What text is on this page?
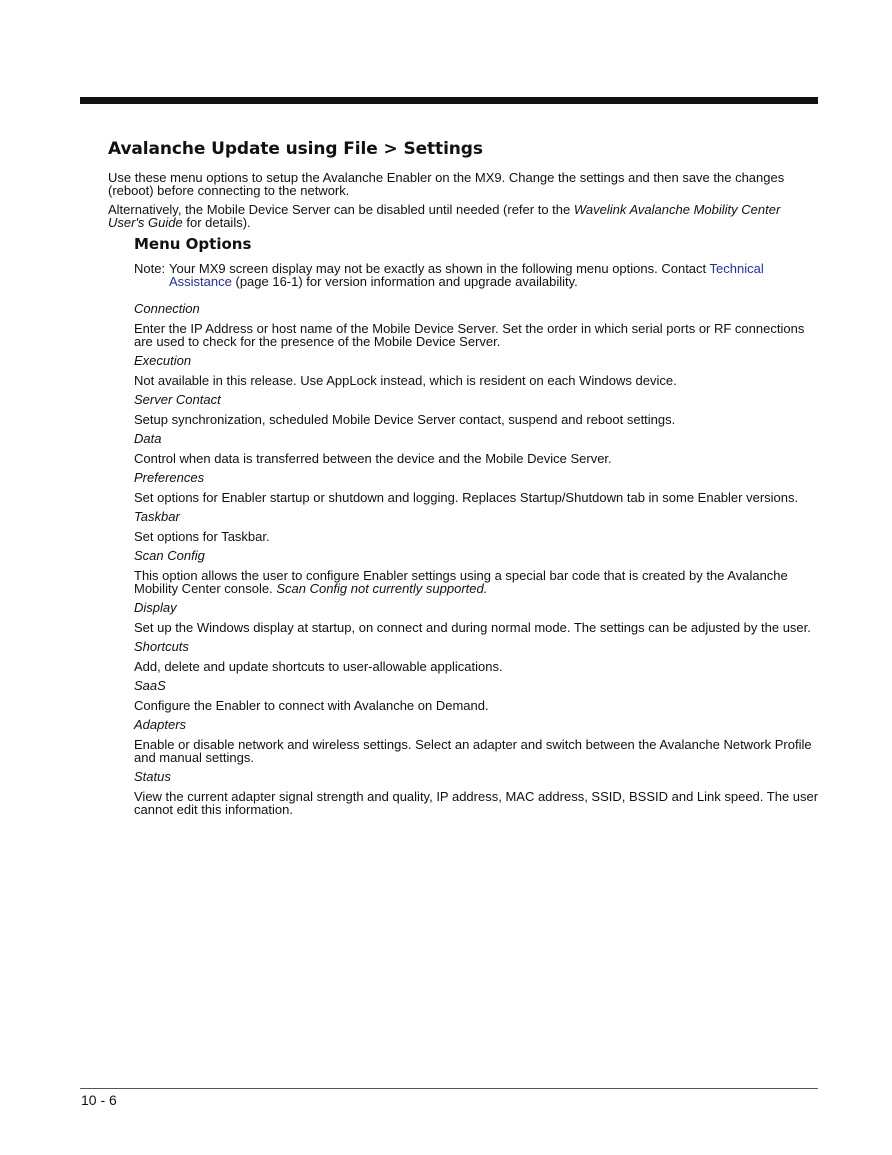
Avalanche Update using File > Settings

Use these menu options to setup the Avalanche Enabler on the MX9. Change the settings and then save the changes (reboot) before connecting to the network.

Alternatively, the Mobile Device Server can be disabled until needed (refer to the Wavelink Avalanche Mobility Center User's Guide for details).

Menu Options
Note: Your MX9 screen display may not be exactly as shown in the following menu options. Contact Technical Assistance (page 16-1) for version information and upgrade availability.
Connection

Enter the IP Address or host name of the Mobile Device Server. Set the order in which serial ports or RF connections are used to check for the presence of the Mobile Device Server.

Execution

Not available in this release. Use AppLock instead, which is resident on each Windows device.

Server Contact

Setup synchronization, scheduled Mobile Device Server contact, suspend and reboot settings.

Data

Control when data is transferred between the device and the Mobile Device Server.

Preferences

Set options for Enabler startup or shutdown and logging. Replaces Startup/Shutdown tab in some Enabler versions.

Taskbar

Set options for Taskbar.

Scan Config

This option allows the user to configure Enabler settings using a special bar code that is created by the Avalanche Mobility Center console. Scan Config not currently supported.

Display

Set up the Windows display at startup, on connect and during normal mode. The settings can be adjusted by the user.

Shortcuts

Add, delete and update shortcuts to user-allowable applications.

SaaS

Configure the Enabler to connect with Avalanche on Demand.

Adapters

Enable or disable network and wireless settings. Select an adapter and switch between the Avalanche Network Profile and manual settings.

Status

View the current adapter signal strength and quality, IP address, MAC address, SSID, BSSID and Link speed. The user cannot edit this information.

10 - 6
